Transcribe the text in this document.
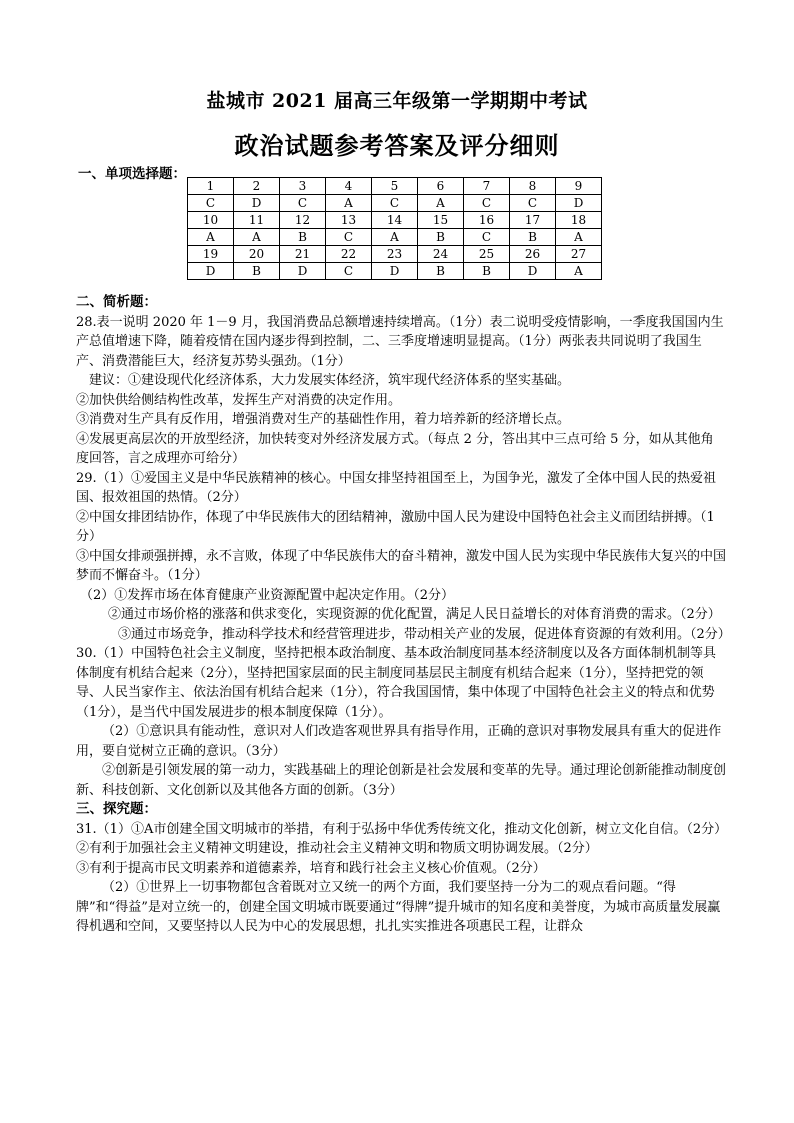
盐城市 2021 届高三年级第一学期期中考试
政治试题参考答案及评分细则
一、单项选择题：
1	2	3	4	5	6	7	8	9
C	D	C	A	C	A	C	C	D
10	11	12	13	14	15	16	17	18
A	A	B	C	A	B	C	B	A
19	20	21	22	23	24	25	26	27
D	B	D	C	D	B	B	D	A

二、简析题：

28.表一说明 2020 年 1－9 月，我国消费品总额增速持续增高。（1分）表二说明受疫情影响，一季度我国国内生产总值增速下降，随着疫情在国内逐步得到控制，二、三季度增速明显提高。（1分）两张表共同说明了我国生产、消费潜能巨大，经济复苏势头强劲。（1分）

建议：①建设现代化经济体系，大力发展实体经济，筑牢现代经济体系的坚实基础。

②加快供给侧结构性改革，发挥生产对消费的决定作用。

③消费对生产具有反作用，增强消费对生产的基础性作用，着力培养新的经济增长点。

④发展更高层次的开放型经济，加快转变对外经济发展方式。（每点 2 分，答出其中三点可给 5 分，如从其他角度回答，言之成理亦可给分）

29.（1）①爱国主义是中华民族精神的核心。中国女排坚持祖国至上，为国争光，激发了全体中国人民的热爱祖国、报效祖国的热情。（2分）

②中国女排团结协作，体现了中华民族伟大的团结精神，激励中国人民为建设中国特色社会主义而团结拼搏。（1分）

③中国女排顽强拼搏，永不言败，体现了中华民族伟大的奋斗精神，激发中国人民为实现中华民族伟大复兴的中国梦而不懈奋斗。（1分）

（2）①发挥市场在体育健康产业资源配置中起决定作用。（2分）

②通过市场价格的涨落和供求变化，实现资源的优化配置，满足人民日益增长的对体育消费的需求。（2分）

③通过市场竞争，推动科学技术和经营管理进步，带动相关产业的发展，促进体育资源的有效利用。（2分）

30.（1）中国特色社会主义制度，坚持把根本政治制度、基本政治制度同基本经济制度以及各方面体制机制等具体制度有机结合起来（2分），坚持把国家层面的民主制度同基层民主制度有机结合起来（1分），坚持把党的领导、人民当家作主、依法治国有机结合起来（1分），符合我国国情，集中体现了中国特色社会主义的特点和优势（1分），是当代中国发展进步的根本制度保障（1分）。

（2）①意识具有能动性，意识对人们改造客观世界具有指导作用，正确的意识对事物发展具有重大的促进作用，要自觉树立正确的意识。（3分）

②创新是引领发展的第一动力，实践基础上的理论创新是社会发展和变革的先导。通过理论创新能推动制度创新、科技创新、文化创新以及其他各方面的创新。（3分）

三、探究题：

31.（1）①A市创建全国文明城市的举措，有利于弘扬中华优秀传统文化，推动文化创新，树立文化自信。（2分）

②有利于加强社会主义精神文明建设，推动社会主义精神文明和物质文明协调发展。（2分）

③有利于提高市民文明素养和道德素养，培育和践行社会主义核心价值观。（2分）

（2）①世界上一切事物都包含着既对立又统一的两个方面，我们要坚持一分为二的观点看问题。“得牌”和“得益”是对立统一的，创建全国文明城市既要通过“得牌”提升城市的知名度和美誉度，为城市高质量发展赢得机遇和空间，又要坚持以人民为中心的发展思想，扎扎实实推进各项惠民工程，让群众
